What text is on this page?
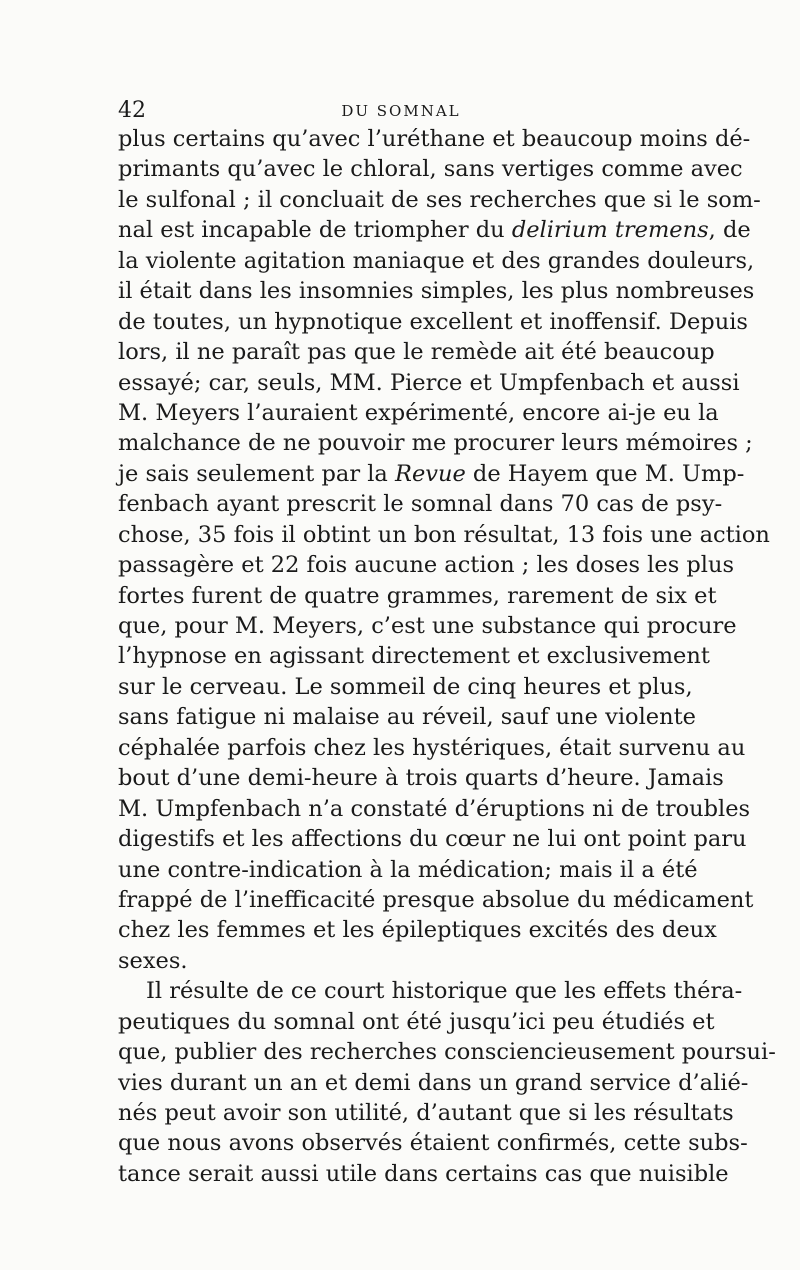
42	DU SOMNAL
plus certains qu’avec l’uréthane et beaucoup moins dé-
primants qu’avec le chloral, sans vertiges comme avec
le sulfonal ; il concluait de ses recherches que si le som-
nal est incapable de triompher du delirium tremens, de
la violente agitation maniaque et des grandes douleurs,
il était dans les insomnies simples, les plus nombreuses
de toutes, un hypnotique excellent et inoffensif. Depuis
lors, il ne paraît pas que le remède ait été beaucoup
essayé; car, seuls, MM. Pierce et Umpfenbach et aussi
M. Meyers l’auraient expérimenté, encore ai-je eu la
malchance de ne pouvoir me procurer leurs mémoires ;
je sais seulement par la Revue de Hayem que M. Ump-
fenbach ayant prescrit le somnal dans 70 cas de psy-
chose, 35 fois il obtint un bon résultat, 13 fois une action
passagère et 22 fois aucune action ; les doses les plus
fortes furent de quatre grammes, rarement de six et
que, pour M. Meyers, c’est une substance qui procure
l’hypnose en agissant directement et exclusivement
sur le cerveau. Le sommeil de cinq heures et plus,
sans fatigue ni malaise au réveil, sauf une violente
céphalée parfois chez les hystériques, était survenu au
bout d’une demi-heure à trois quarts d’heure. Jamais
M. Umpfenbach n’a constaté d’éruptions ni de troubles
digestifs et les affections du cœur ne lui ont point paru
une contre-indication à la médication; mais il a été
frappé de l’inefficacité presque absolue du médicament
chez les femmes et les épileptiques excités des deux
sexes.
Il résulte de ce court historique que les effets théra-
peutiques du somnal ont été jusqu’ici peu étudiés et
que, publier des recherches consciencieusement poursui-
vies durant un an et demi dans un grand service d’alié-
nés peut avoir son utilité, d’autant que si les résultats
que nous avons observés étaient confirmés, cette subs-
tance serait aussi utile dans certains cas que nuisible
